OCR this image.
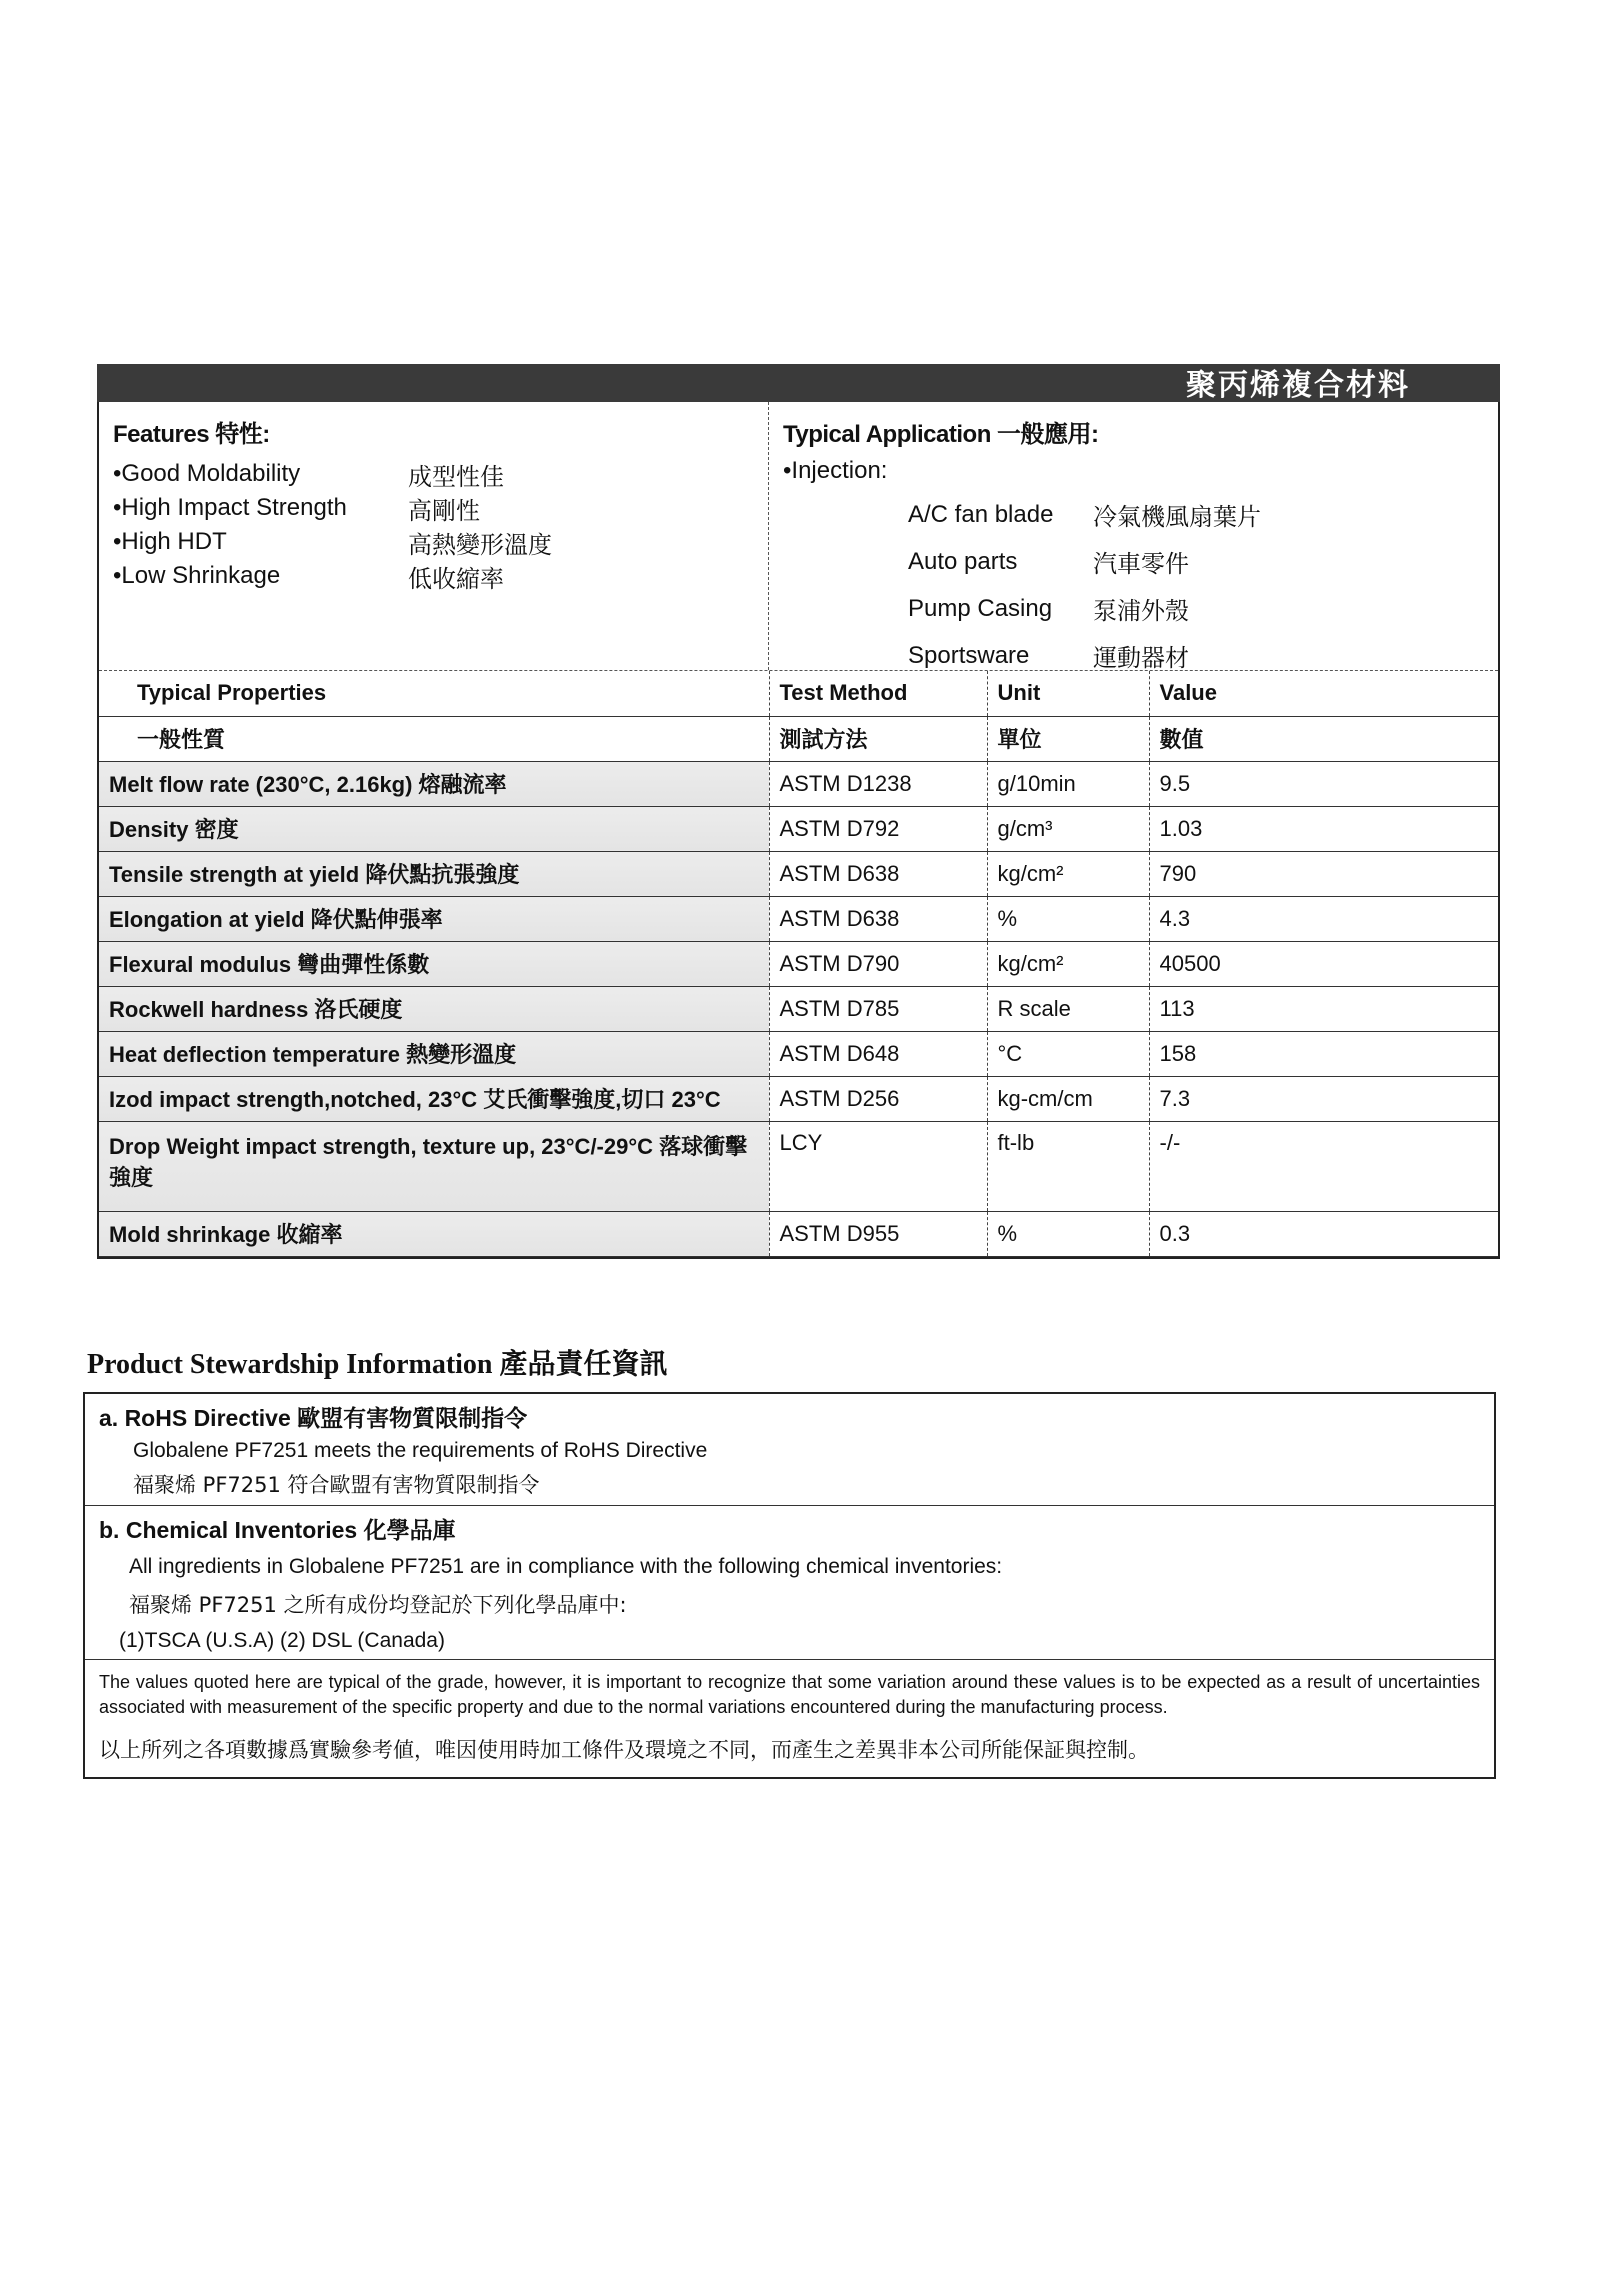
聚丙烯複合材料
Features 特性:
•Good Moldability	成型性佳
•High Impact Strength	高剛性
•High HDT	高熱變形溫度
•Low Shrinkage	低收縮率
Typical Application 一般應用:
•Injection:
A/C fan blade	冷氣機風扇葉片
Auto parts	汽車零件
Pump Casing	泵浦外殼
Sportsware	運動器材
Typical Properties	Test Method	Unit	Value
一般性質	測試方法	單位	數值
Melt flow rate (230°C, 2.16kg) 熔融流率	ASTM D1238	g/10min	9.5
Density 密度	ASTM D792	g/cm³	1.03
Tensile strength at yield 降伏點抗張強度	ASTM D638	kg/cm²	790
Elongation at yield 降伏點伸張率	ASTM D638	%	4.3
Flexural modulus 彎曲彈性係數	ASTM D790	kg/cm²	40500
Rockwell hardness 洛氏硬度	ASTM D785	R scale	113
Heat deflection temperature 熱變形溫度	ASTM D648	°C	158
Izod impact strength,notched, 23°C 艾氏衝擊強度,切口 23°C	ASTM D256	kg-cm/cm	7.3
Drop Weight impact strength, texture up, 23°C/-29°C 落球衝擊強度	LCY	ft-lb	-/-
Mold shrinkage 收縮率	ASTM D955	%	0.3
Product Stewardship Information 產品責任資訊
a. RoHS Directive 歐盟有害物質限制指令
Globalene PF7251 meets the requirements of RoHS Directive
福聚烯 PF7251 符合歐盟有害物質限制指令
b. Chemical Inventories 化學品庫
All ingredients in Globalene PF7251 are in compliance with the following chemical inventories:
福聚烯 PF7251 之所有成份均登記於下列化學品庫中:
(1)TSCA (U.S.A) (2) DSL (Canada)
The values quoted here are typical of the grade, however, it is important to recognize that some variation around these values is to be expected as a result of uncertainties associated with measurement of the specific property and due to the normal variations encountered during the manufacturing process.
以上所列之各項數據爲實驗參考値，唯因使用時加工條件及環境之不同，而產生之差異非本公司所能保証與控制。
